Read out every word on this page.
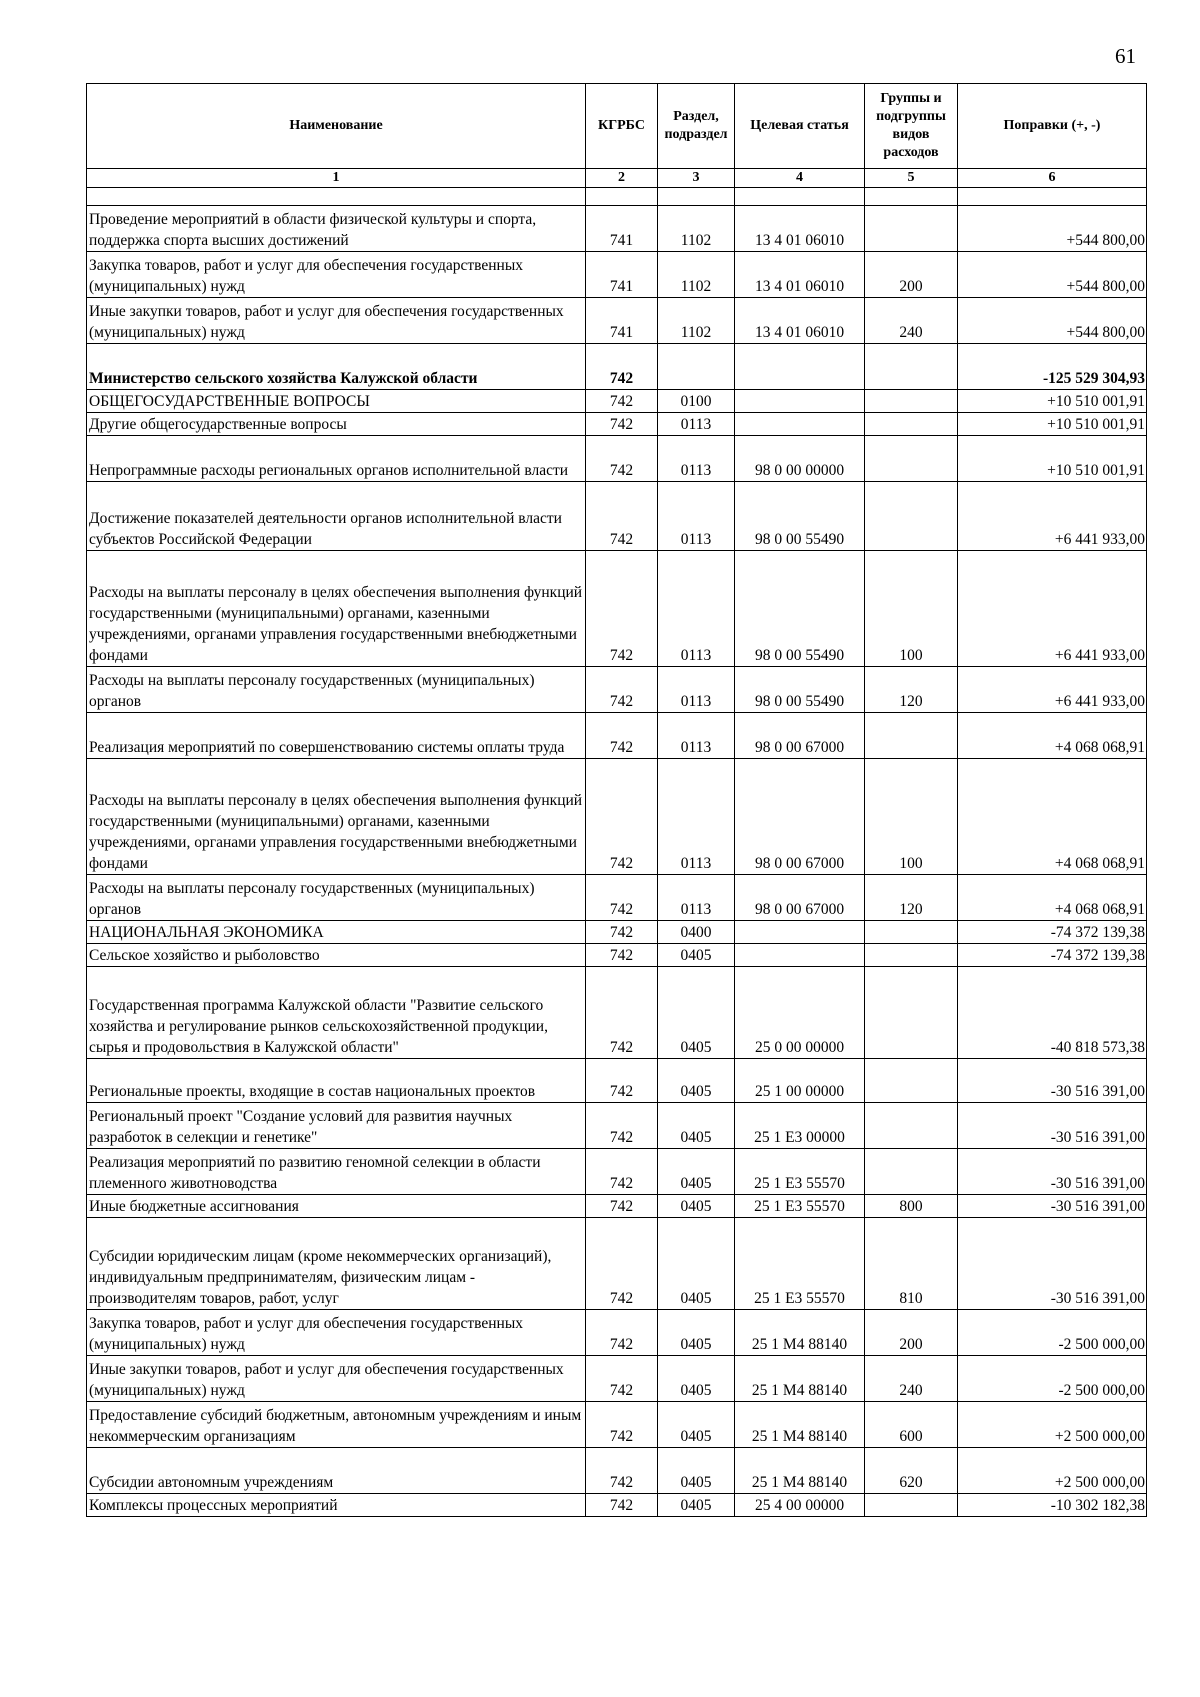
61
Наименование	КГРБС	Раздел, подраздел	Целевая статья	Группы и подгруппы видов расходов	Поправки (+, -)
1	2	3	4	5	6

Проведение мероприятий в области физической культуры и спорта, поддержка спорта высших достижений	741	1102	13 4 01 06010		+544 800,00
Закупка товаров, работ и услуг для обеспечения государственных (муниципальных) нужд	741	1102	13 4 01 06010	200	+544 800,00
Иные закупки товаров, работ и услуг для обеспечения государственных (муниципальных) нужд	741	1102	13 4 01 06010	240	+544 800,00
Министерство сельского хозяйства Калужской области	742				-125 529 304,93
ОБЩЕГОСУДАРСТВЕННЫЕ ВОПРОСЫ	742	0100			+10 510 001,91
Другие общегосударственные вопросы	742	0113			+10 510 001,91
Непрограммные расходы региональных органов исполнительной власти	742	0113	98 0 00 00000		+10 510 001,91
Достижение показателей деятельности органов исполнительной власти субъектов Российской Федерации	742	0113	98 0 00 55490		+6 441 933,00
Расходы на выплаты персоналу в целях обеспечения выполнения функций государственными (муниципальными) органами, казенными учреждениями, органами управления государственными внебюджетными фондами	742	0113	98 0 00 55490	100	+6 441 933,00
Расходы на выплаты персоналу государственных (муниципальных) органов	742	0113	98 0 00 55490	120	+6 441 933,00
Реализация мероприятий по совершенствованию системы оплаты труда	742	0113	98 0 00 67000		+4 068 068,91
Расходы на выплаты персоналу в целях обеспечения выполнения функций государственными (муниципальными) органами, казенными учреждениями, органами управления государственными внебюджетными фондами	742	0113	98 0 00 67000	100	+4 068 068,91
Расходы на выплаты персоналу государственных (муниципальных) органов	742	0113	98 0 00 67000	120	+4 068 068,91
НАЦИОНАЛЬНАЯ ЭКОНОМИКА	742	0400			-74 372 139,38
Сельское хозяйство и рыболовство	742	0405			-74 372 139,38
Государственная программа Калужской области "Развитие сельского хозяйства и регулирование рынков сельскохозяйственной продукции, сырья и продовольствия в Калужской области"	742	0405	25 0 00 00000		-40 818 573,38
Региональные проекты, входящие в состав национальных проектов	742	0405	25 1 00 00000		-30 516 391,00
Региональный проект "Создание условий для развития научных разработок в селекции и генетике"	742	0405	25 1 E3 00000		-30 516 391,00
Реализация мероприятий по развитию геномной селекции в области племенного животноводства	742	0405	25 1 E3 55570		-30 516 391,00
Иные бюджетные ассигнования	742	0405	25 1 E3 55570	800	-30 516 391,00
Субсидии юридическим лицам (кроме некоммерческих организаций), индивидуальным предпринимателям, физическим лицам - производителям товаров, работ, услуг	742	0405	25 1 E3 55570	810	-30 516 391,00
Закупка товаров, работ и услуг для обеспечения государственных (муниципальных) нужд	742	0405	25 1 M4 88140	200	-2 500 000,00
Иные закупки товаров, работ и услуг для обеспечения государственных (муниципальных) нужд	742	0405	25 1 M4 88140	240	-2 500 000,00
Предоставление субсидий бюджетным, автономным учреждениям и иным некоммерческим организациям	742	0405	25 1 M4 88140	600	+2 500 000,00
Субсидии автономным учреждениям	742	0405	25 1 M4 88140	620	+2 500 000,00
Комплексы процессных мероприятий	742	0405	25 4 00 00000		-10 302 182,38
